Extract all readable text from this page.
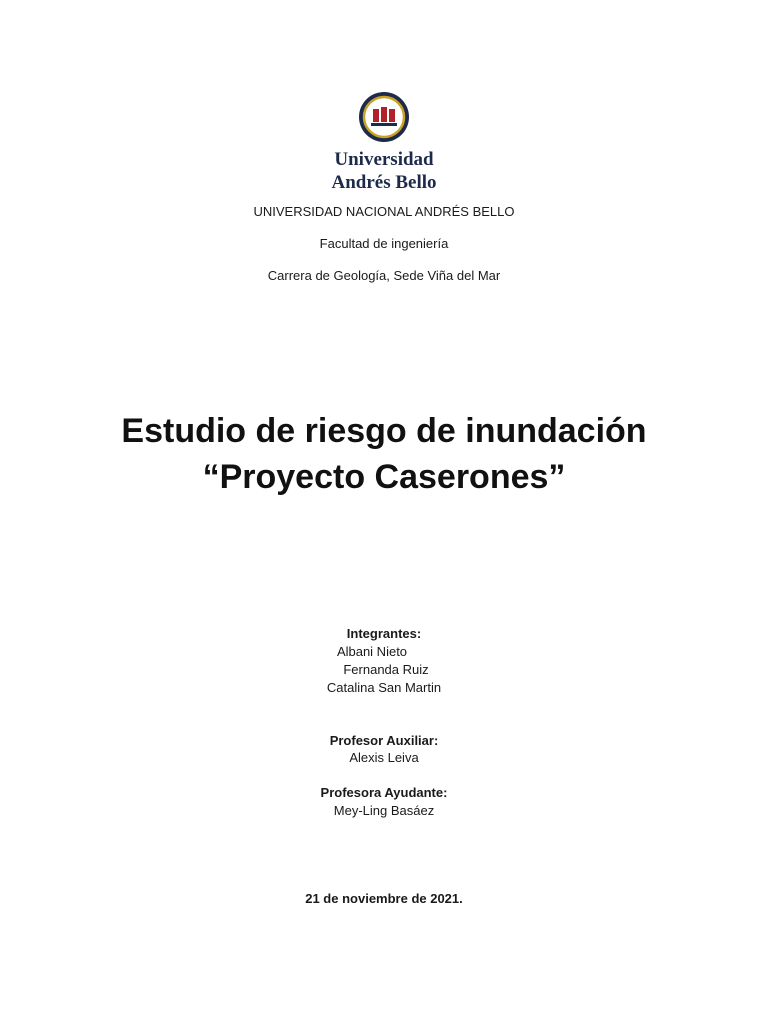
Universidad
Andrés Bello
UNIVERSIDAD NACIONAL ANDRÉS BELLO
Facultad de ingeniería
Carrera de Geología, Sede Viña del Mar
Estudio de riesgo de inundación
“Proyecto Caserones”
Integrantes:
Albani Nieto
Fernanda Ruiz
Catalina San Martin
Profesor Auxiliar:
Alexis Leiva
Profesora Ayudante:
Mey-Ling Basáez
21 de noviembre de 2021.
